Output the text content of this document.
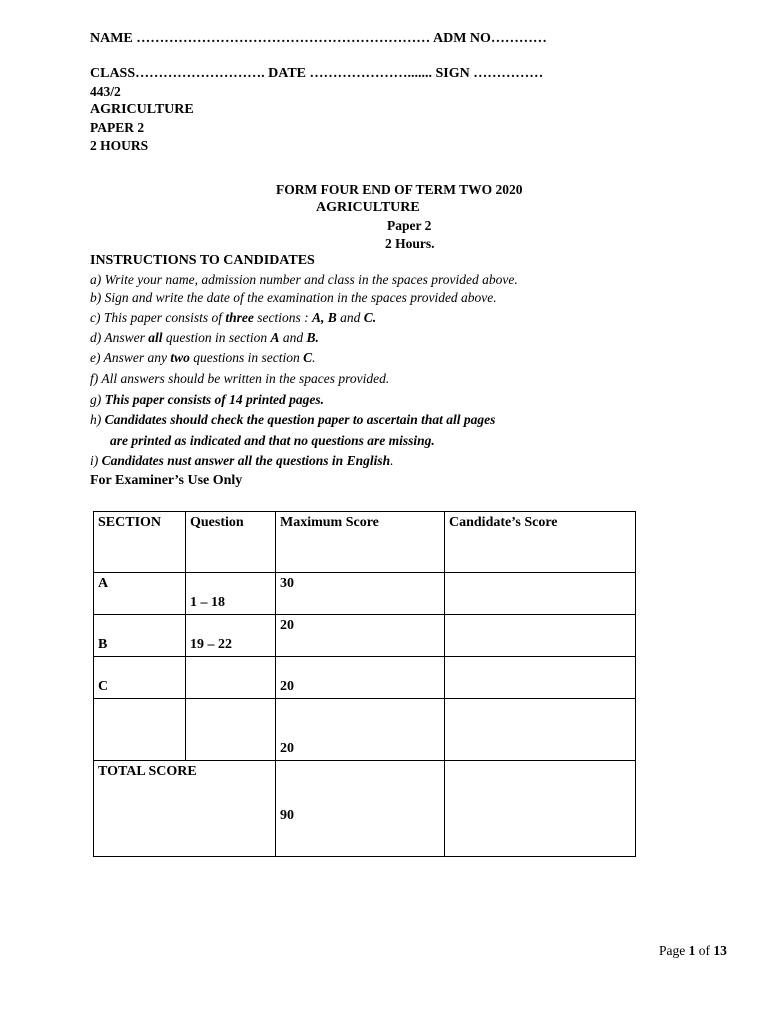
NAME ……………………………………………………… ADM NO…………
CLASS………………………. DATE …………………....... SIGN ……………
443/2
AGRICULTURE
PAPER 2
2 HOURS
FORM FOUR END OF TERM TWO 2020
AGRICULTURE
Paper 2
2 Hours.
INSTRUCTIONS TO CANDIDATES
a) Write your name, admission number and class in the spaces provided above.
b) Sign and write the date of the examination in the spaces provided above.
c) This paper consists of three sections : A, B and C.
d) Answer all question in section A and B.
e) Answer any two questions in section C.
f) All answers should be written in the spaces provided.
g) This paper consists of 14 printed pages.
h) Candidates should check the question paper to ascertain that all pages
are printed as indicated and that no questions are missing.
i) Candidates nust answer all the questions in English.
For Examiner’s Use Only
SECTION	Question	Maximum Score	Candidate’s Score
A	1 – 18	30	
B	19 – 22	20	
C		20	
		20	
TOTAL SCORE		90	
Page 1 of 13
